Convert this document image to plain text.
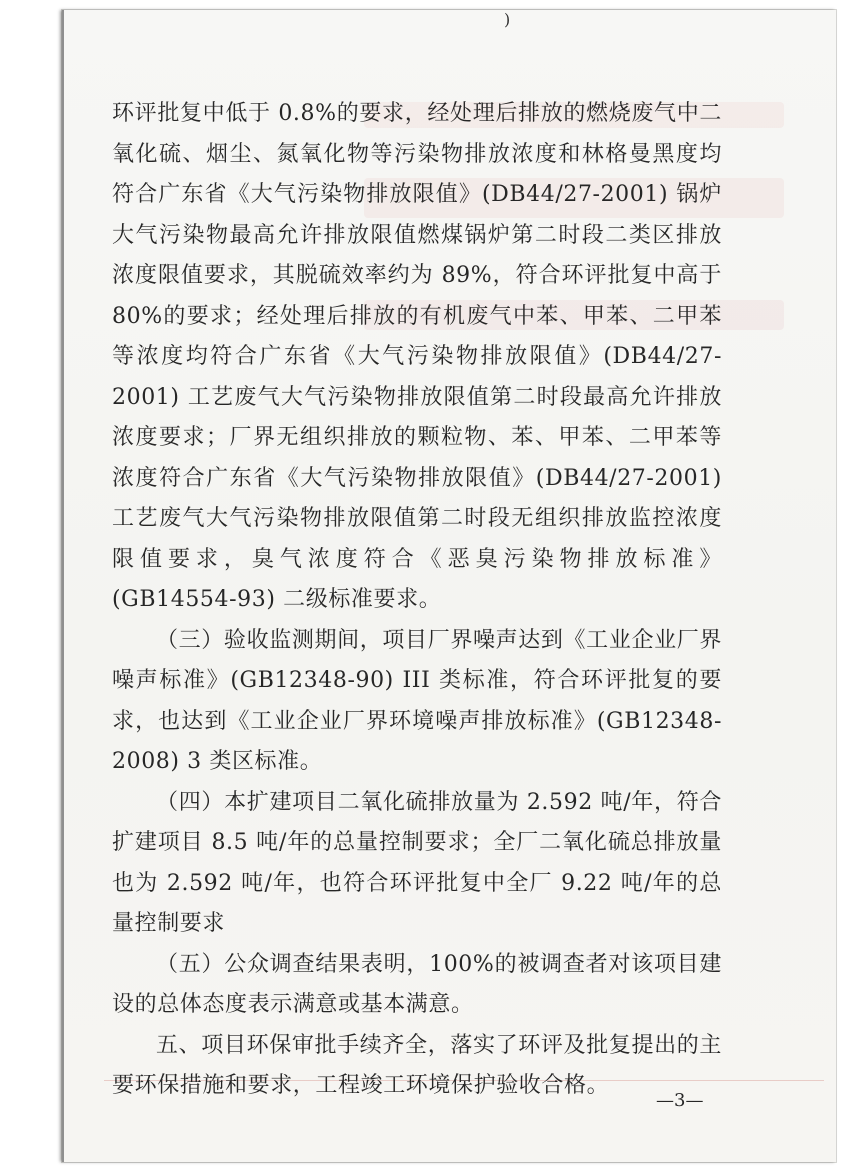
)

环评批复中低于 0.8%的要求，经处理后排放的燃烧废气中二氧化硫、烟尘、氮氧化物等污染物排放浓度和林格曼黑度均符合广东省《大气污染物排放限值》(DB44/27-2001) 锅炉大气污染物最高允许排放限值燃煤锅炉第二时段二类区排放浓度限值要求，其脱硫效率约为 89%，符合环评批复中高于 80%的要求；经处理后排放的有机废气中苯、甲苯、二甲苯等浓度均符合广东省《大气污染物排放限值》(DB44/27-2001) 工艺废气大气污染物排放限值第二时段最高允许排放浓度要求；厂界无组织排放的颗粒物、苯、甲苯、二甲苯等浓度符合广东省《大气污染物排放限值》(DB44/27-2001) 工艺废气大气污染物排放限值第二时段无组织排放监控浓度限值要求，臭气浓度符合《恶臭污染物排放标准》(GB14554-93) 二级标准要求。

（三）验收监测期间，项目厂界噪声达到《工业企业厂界噪声标准》(GB12348-90) III 类标准，符合环评批复的要求，也达到《工业企业厂界环境噪声排放标准》(GB12348-2008) 3 类区标准。

（四）本扩建项目二氧化硫排放量为 2.592 吨/年，符合扩建项目 8.5 吨/年的总量控制要求；全厂二氧化硫总排放量也为 2.592 吨/年，也符合环评批复中全厂 9.22 吨/年的总量控制要求

（五）公众调查结果表明，100%的被调查者对该项目建设的总体态度表示满意或基本满意。

五、项目环保审批手续齐全，落实了环评及批复提出的主要环保措施和要求，工程竣工环境保护验收合格。

—3—
